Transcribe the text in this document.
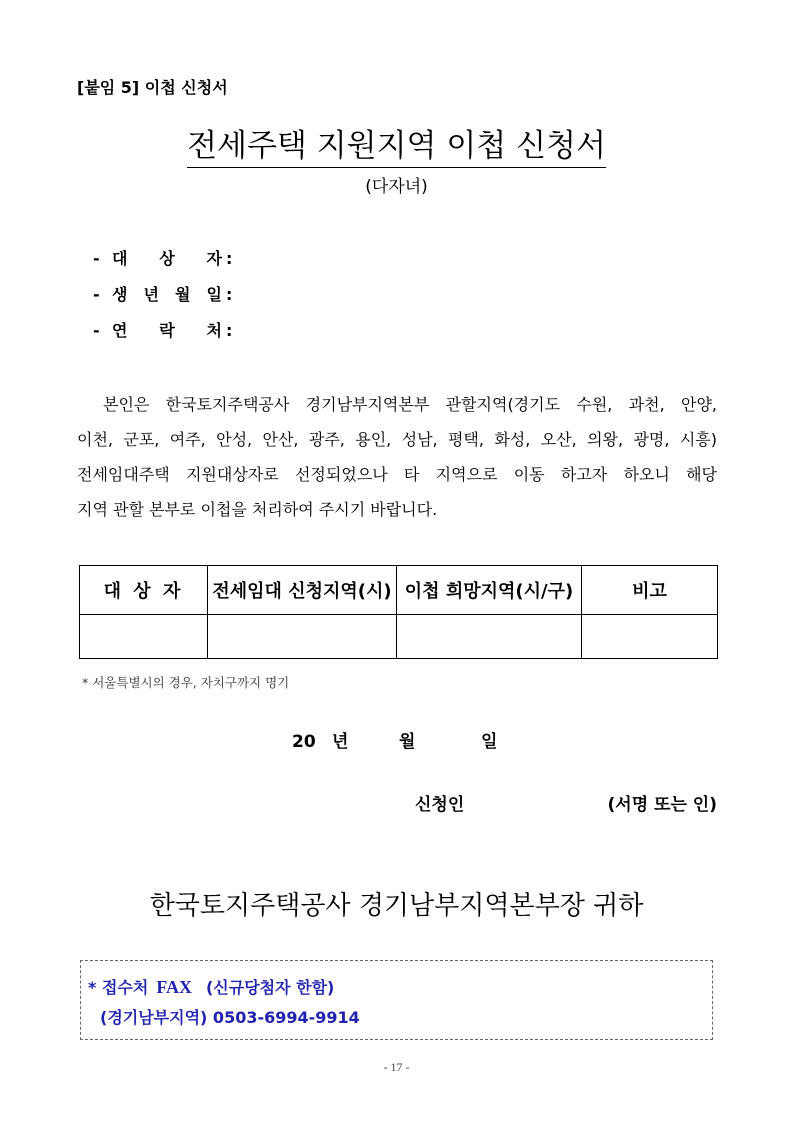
[붙임 5] 이첩 신청서
전세주택 지원지역 이첩 신청서
(다자녀)
- 대 상 자 :
- 생 년 월 일 :
- 연 락 처 :
본인은 한국토지주택공사 경기남부지역본부 관할지역(경기도 수원, 과천, 안양,
이천, 군포, 여주, 안성, 안산, 광주, 용인, 성남, 평택, 화성, 오산, 의왕, 광명, 시흥)
전세임대주택 지원대상자로 선정되었으나 타 지역으로 이동 하고자 하오니 해당
지역 관할 본부로 이첩을 처리하여 주시기 바랍니다.
대 상 자	전세임대 신청지역(시)	이첩 희망지역(시/구)	비고

* 서울특별시의 경우, 자치구까지 명기
20 년	월	일
신청인	(서명 또는 인)
한국토지주택공사 경기남부지역본부장 귀하
* 접수처 FAX (신규당첨자 한함)
(경기남부지역) 0503-6994-9914
- 17 -
